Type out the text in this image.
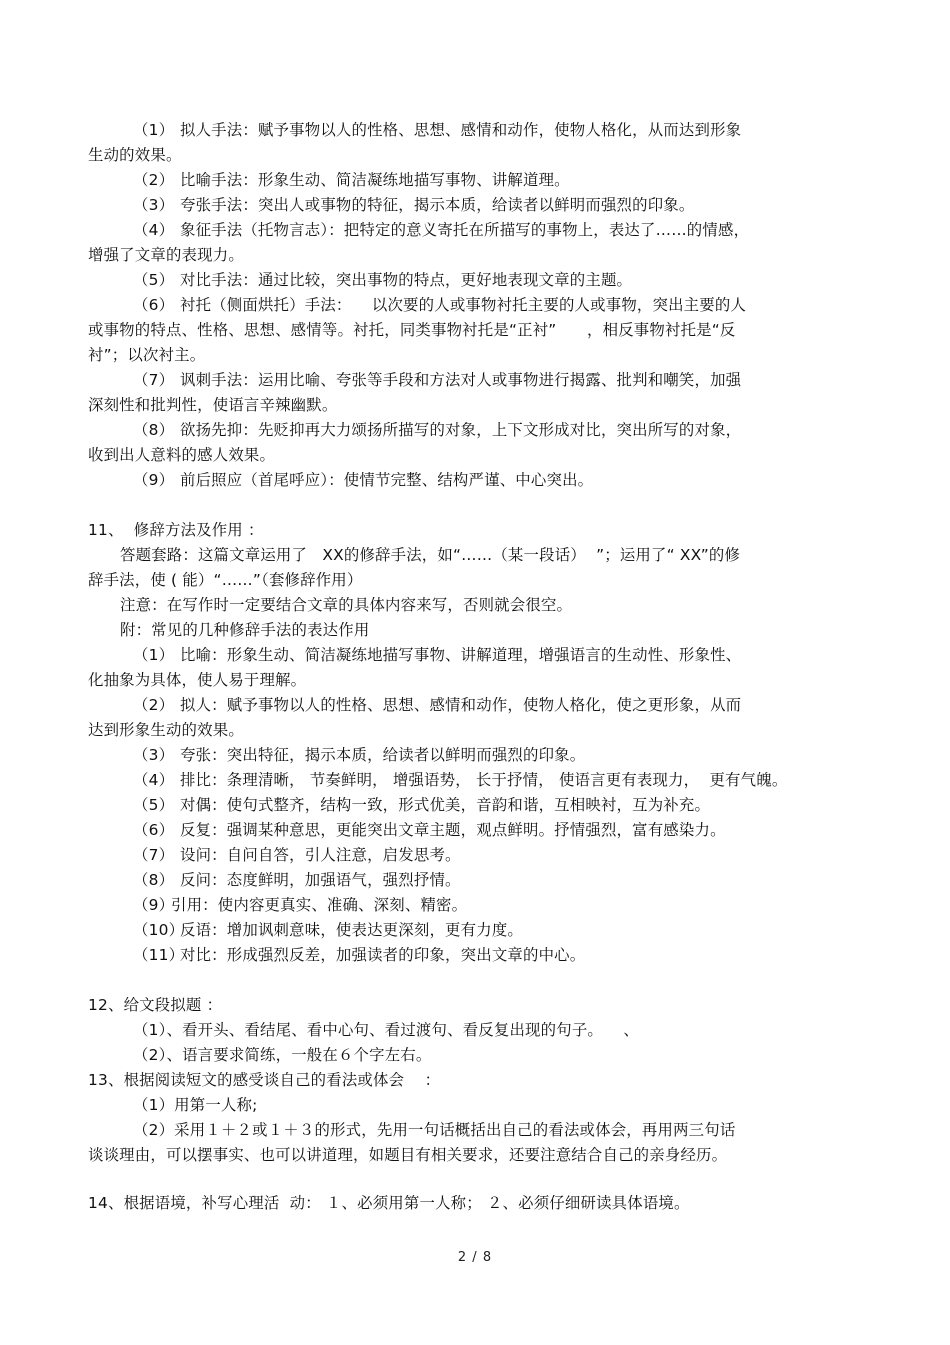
（1） 拟人手法：赋予事物以人的性格、思想、感情和动作，使物人格化，从而达到形象
生动的效果。
（2） 比喻手法：形象生动、简洁凝练地描写事物、讲解道理。
（3） 夸张手法：突出人或事物的特征，揭示本质，给读者以鲜明而强烈的印象。
（4） 象征手法（托物言志）：把特定的意义寄托在所描写的事物上，表达了……的情感，
增强了文章的表现力。
（5） 对比手法：通过比较，突出事物的特点，更好地表现文章的主题。
（6） 衬托（侧面烘托）手法：    以次要的人或事物衬托主要的人或事物，突出主要的人
或事物的特点、性格、思想、感情等。衬托，同类事物衬托是“正衬”      ，相反事物衬托是“反
衬”；以次衬主。
（7） 讽刺手法：运用比喻、夸张等手段和方法对人或事物进行揭露、批判和嘲笑，加强
深刻性和批判性，使语言辛辣幽默。
（8） 欲扬先抑：先贬抑再大力颂扬所描写的对象，上下文形成对比，突出所写的对象，
收到出人意料的感人效果。
（9） 前后照应（首尾呼应）：使情节完整、结构严谨、中心突出。
11、  修辞方法及作用 ：
答题套路：这篇文章运用了   XX的修辞手法，如“……（某一段话）  ”；运用了“ XX”的修
辞手法，使 ( 能）“……”（套修辞作用）
注意：在写作时一定要结合文章的具体内容来写，否则就会很空。
附：常见的几种修辞手法的表达作用
（1） 比喻：形象生动、简洁凝练地描写事物、讲解道理，增强语言的生动性、形象性、
化抽象为具体，使人易于理解。
（2） 拟人：赋予事物以人的性格、思想、感情和动作，使物人格化，使之更形象，从而
达到形象生动的效果。
（3） 夸张：突出特征，揭示本质，给读者以鲜明而强烈的印象。
（4） 排比：条理清晰， 节奏鲜明， 增强语势， 长于抒情， 使语言更有表现力，  更有气魄。
（5） 对偶：使句式整齐，结构一致，形式优美，音韵和谐，互相映衬，互为补充。
（6） 反复：强调某种意思，更能突出文章主题，观点鲜明。抒情强烈，富有感染力。
（7） 设问：自问自答，引人注意，启发思考。
（8） 反问：态度鲜明，加强语气，强烈抒情。
（9）
引用：使内容更真实、准确、深刻、精密。
（10）
反语：增加讽刺意味，使表达更深刻，更有力度。
（11）
对比：形成强烈反差，加强读者的印象，突出文章的中心。
12、给文段拟题 ：
（1）、看开头、看结尾、看中心句、看过渡句、看反复出现的句子。    、
（2）、语言要求简练，一般在６个字左右。
13、根据阅读短文的感受谈自己的看法或体会    ：
（1）用第一人称;
（2）采用１＋２或１＋３的形式，先用一句话概括出自己的看法或体会，再用两三句话
谈谈理由，可以摆事实、也可以讲道理，如题目有相关要求，还要注意结合自己的亲身经历。
14、根据语境，补写心理活  动： １、必须用第一人称； ２、必须仔细研读具体语境。
2 / 8
